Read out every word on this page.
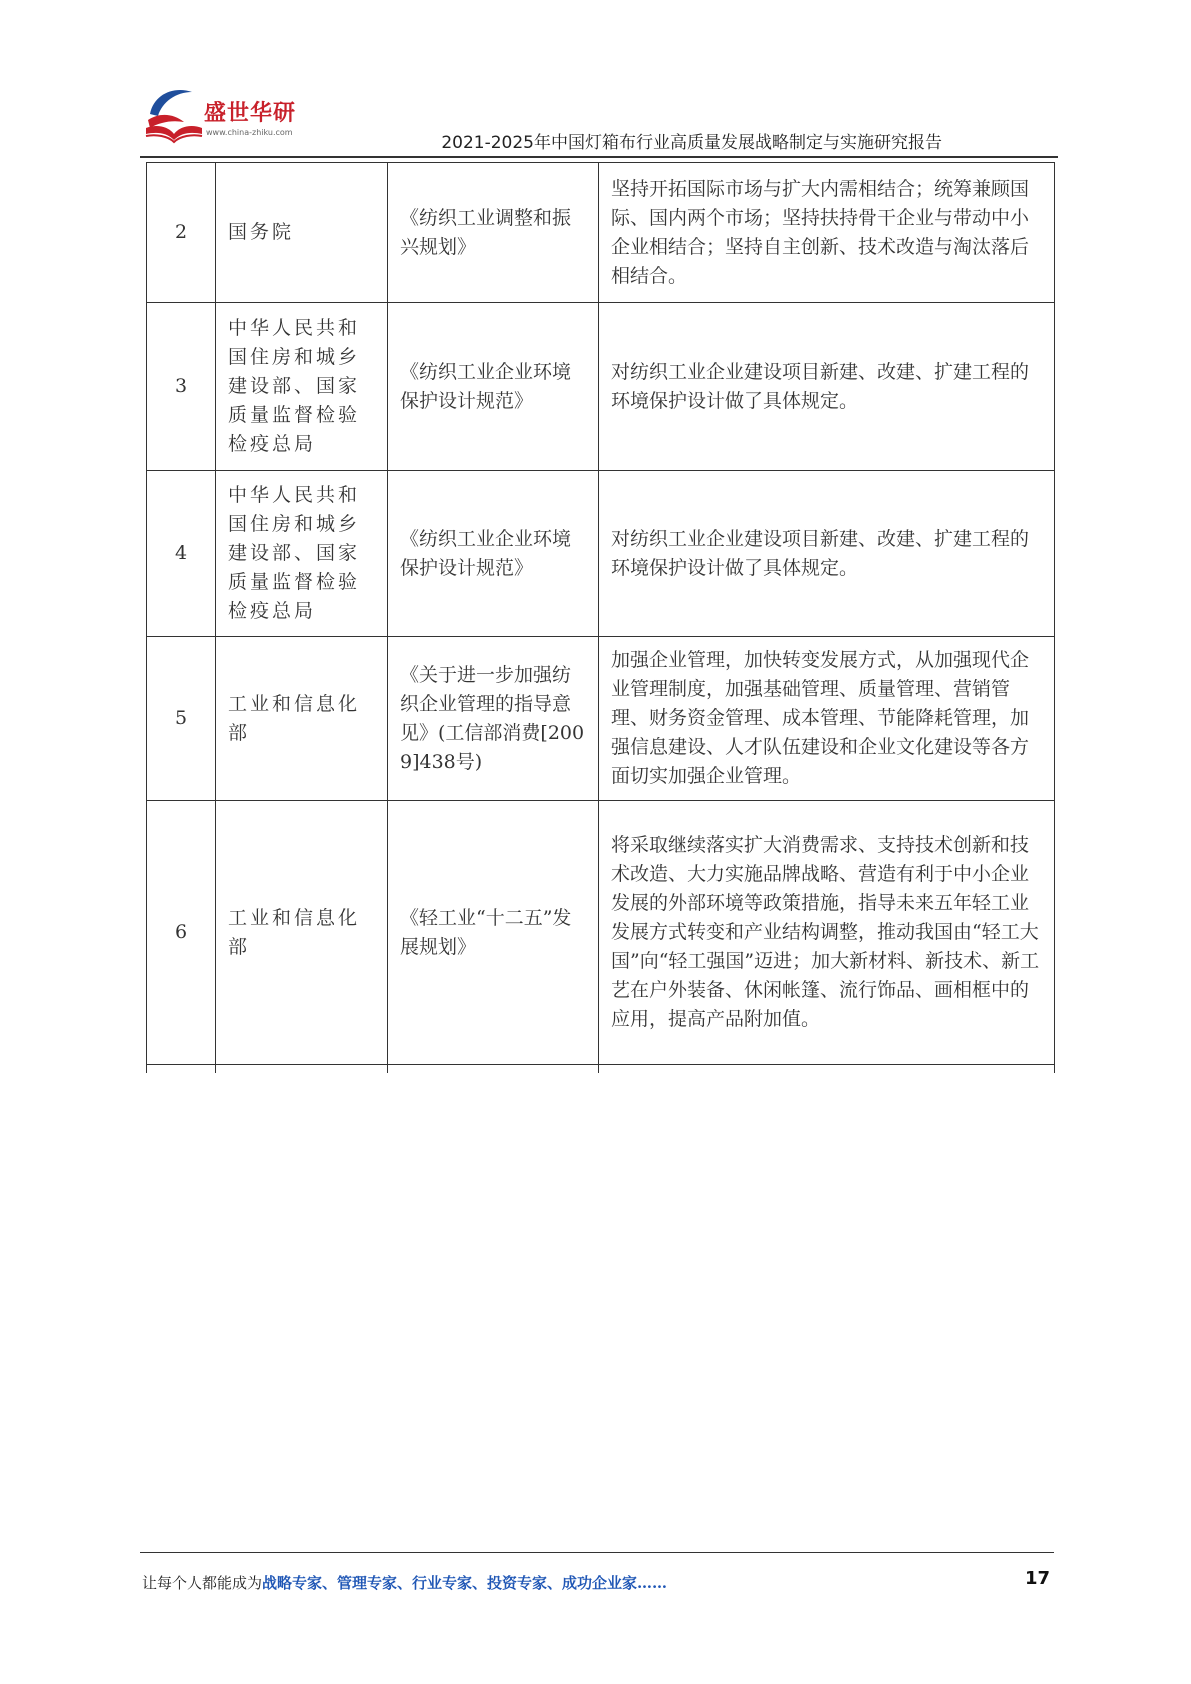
盛世华研
www.china-zhiku.com
2021-2025年中国灯箱布行业高质量发展战略制定与实施研究报告
2	国务院	《纺织工业调整和振兴规划》	坚持开拓国际市场与扩大内需相结合；统筹兼顾国际、国内两个市场；坚持扶持骨干企业与带动中小企业相结合；坚持自主创新、技术改造与淘汰落后相结合。
3	中华人民共和国住房和城乡建设部、国家质量监督检验检疫总局	《纺织工业企业环境保护设计规范》	对纺织工业企业建设项目新建、改建、扩建工程的环境保护设计做了具体规定。
4	中华人民共和国住房和城乡建设部、国家质量监督检验检疫总局	《纺织工业企业环境保护设计规范》	对纺织工业企业建设项目新建、改建、扩建工程的环境保护设计做了具体规定。
5	工业和信息化部	《关于进一步加强纺织企业管理的指导意见》(工信部消费[2009]438号)	加强企业管理，加快转变发展方式，从加强现代企业管理制度，加强基础管理、质量管理、营销管理、财务资金管理、成本管理、节能降耗管理，加强信息建设、人才队伍建设和企业文化建设等各方面切实加强企业管理。
6	工业和信息化部	《轻工业“十二五”发展规划》	将采取继续落实扩大消费需求、支持技术创新和技术改造、大力实施品牌战略、营造有利于中小企业发展的外部环境等政策措施，指导未来五年轻工业发展方式转变和产业结构调整，推动我国由“轻工大国”向“轻工强国”迈进；加大新材料、新技术、新工艺在户外装备、休闲帐篷、流行饰品、画相框中的应用，提高产品附加值。

让每个人都能成为战略专家、管理专家、行业专家、投资专家、成功企业家……	17
